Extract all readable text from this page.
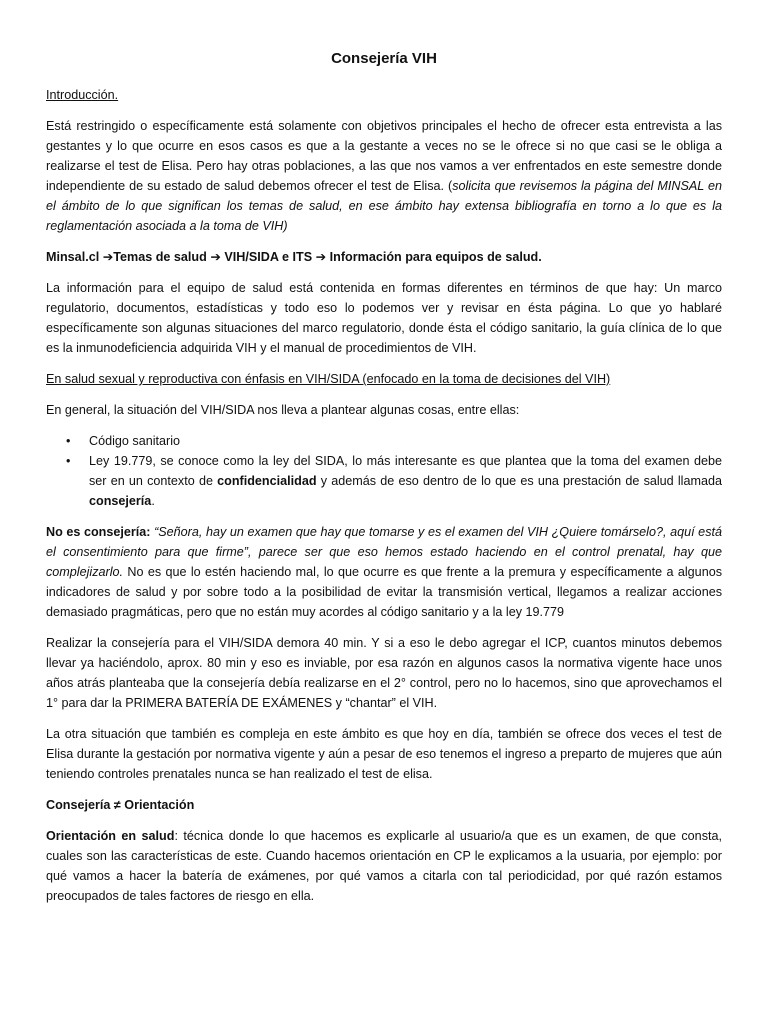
Consejería VIH

Introducción.

Está restringido o específicamente está solamente con objetivos principales el hecho de ofrecer esta entrevista a las gestantes y lo que ocurre en esos casos es que a la gestante a veces no se le ofrece si no que casi se le obliga a realizarse el test de Elisa. Pero hay otras poblaciones, a las que nos vamos a ver enfrentados en este semestre donde independiente de su estado de salud debemos ofrecer el test de Elisa. (solicita que revisemos la página del MINSAL en el ámbito de lo que significan los temas de salud, en ese ámbito hay extensa bibliografía en torno a lo que es la reglamentación asociada a la toma de VIH)

Minsal.cl ➔Temas de salud ➔ VIH/SIDA e ITS ➔ Información para equipos de salud.

La información para el equipo de salud está contenida en formas diferentes en términos de que hay: Un marco regulatorio, documentos, estadísticas y todo eso lo podemos ver y revisar en ésta página. Lo que yo hablaré específicamente son algunas situaciones del marco regulatorio, donde ésta el código sanitario, la guía clínica de lo que es la inmunodeficiencia adquirida VIH y el manual de procedimientos de VIH.

En salud sexual y reproductiva con énfasis en VIH/SIDA (enfocado en la toma de decisiones del VIH)

En general, la situación del VIH/SIDA nos lleva a plantear algunas cosas, entre ellas:

• Código sanitario
• Ley 19.779, se conoce como la ley del SIDA, lo más interesante es que plantea que la toma del examen debe ser en un contexto de confidencialidad y además de eso dentro de lo que es una prestación de salud llamada consejería.

No es consejería: “Señora, hay un examen que hay que tomarse y es el examen del VIH ¿Quiere tomárselo?, aquí está el consentimiento para que firme”, parece ser que eso hemos estado haciendo en el control prenatal, hay que complejizarlo. No es que lo estén haciendo mal, lo que ocurre es que frente a la premura y específicamente a algunos indicadores de salud y por sobre todo a la posibilidad de evitar la transmisión vertical, llegamos a realizar acciones demasiado pragmáticas, pero que no están muy acordes al código sanitario y a la ley 19.779

Realizar la consejería para el VIH/SIDA demora 40 min. Y si a eso le debo agregar el ICP, cuantos minutos debemos llevar ya haciéndolo, aprox. 80 min y eso es inviable, por esa razón en algunos casos la normativa vigente hace unos años atrás planteaba que la consejería debía realizarse en el 2° control, pero no lo hacemos, sino que aprovechamos el 1° para dar la PRIMERA BATERÍA DE EXÁMENES y “chantar” el VIH.

La otra situación que también es compleja en este ámbito es que hoy en día, también se ofrece dos veces el test de Elisa durante la gestación por normativa vigente y aún a pesar de eso tenemos el ingreso a preparto de mujeres que aún teniendo controles prenatales nunca se han realizado el test de elisa.

Consejería ≠ Orientación

Orientación en salud: técnica donde lo que hacemos es explicarle al usuario/a que es un examen, de que consta, cuales son las características de este. Cuando hacemos orientación en CP le explicamos a la usuaria, por ejemplo: por qué vamos a hacer la batería de exámenes, por qué vamos a citarla con tal periodicidad, por qué razón estamos preocupados de tales factores de riesgo en ella.
